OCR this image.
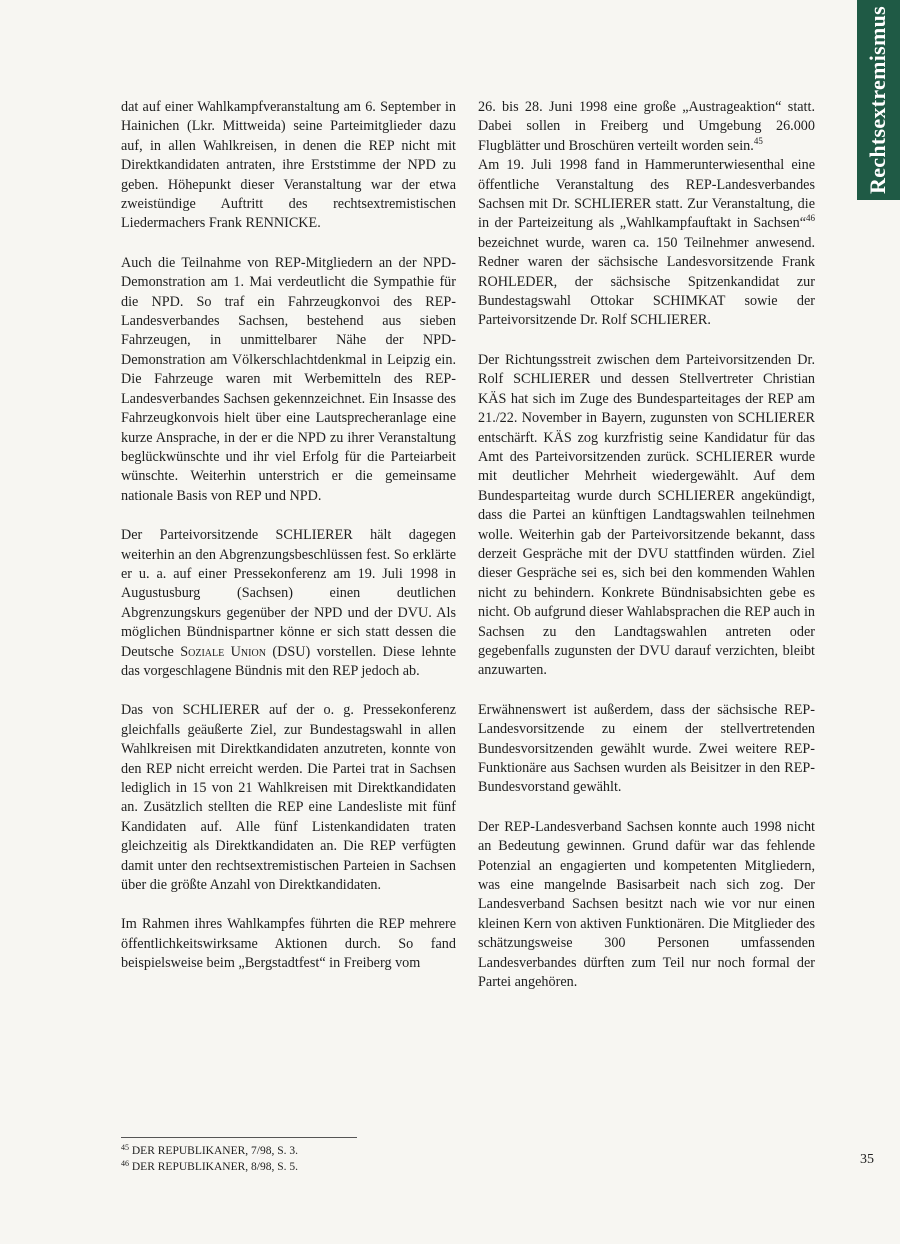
Rechtsextremismus

dat auf einer Wahlkampfveranstaltung am 6. September in Hainichen (Lkr. Mittweida) seine Parteimitglieder dazu auf, in allen Wahlkreisen, in denen die REP nicht mit Direktkandidaten antraten, ihre Erststimme der NPD zu geben. Höhepunkt dieser Veranstaltung war der etwa zweistündige Auftritt des rechtsextremistischen Liedermachers Frank RENNICKE.

Auch die Teilnahme von REP-Mitgliedern an der NPD-Demonstration am 1. Mai verdeutlicht die Sympathie für die NPD. So traf ein Fahrzeugkonvoi des REP-Landesverbandes Sachsen, bestehend aus sieben Fahrzeugen, in unmittelbarer Nähe der NPD-Demonstration am Völkerschlachtdenkmal in Leipzig ein. Die Fahrzeuge waren mit Werbemitteln des REP-Landesverbandes Sachsen gekennzeichnet. Ein Insasse des Fahrzeugkonvois hielt über eine Lautsprecheranlage eine kurze Ansprache, in der er die NPD zu ihrer Veranstaltung beglückwünschte und ihr viel Erfolg für die Parteiarbeit wünschte. Weiterhin unterstrich er die gemeinsame nationale Basis von REP und NPD.

Der Parteivorsitzende SCHLIERER hält dagegen weiterhin an den Abgrenzungsbeschlüssen fest. So erklärte er u. a. auf einer Pressekonferenz am 19. Juli 1998 in Augustusburg (Sachsen) einen deutlichen Abgrenzungskurs gegenüber der NPD und der DVU. Als möglichen Bündnispartner könne er sich statt dessen die Deutsche Soziale Union (DSU) vorstellen. Diese lehnte das vorgeschlagene Bündnis mit den REP jedoch ab.

Das von SCHLIERER auf der o. g. Pressekonferenz gleichfalls geäußerte Ziel, zur Bundestagswahl in allen Wahlkreisen mit Direktkandidaten anzutreten, konnte von den REP nicht erreicht werden. Die Partei trat in Sachsen lediglich in 15 von 21 Wahlkreisen mit Direktkandidaten an. Zusätzlich stellten die REP eine Landesliste mit fünf Kandidaten auf. Alle fünf Listenkandidaten traten gleichzeitig als Direktkandidaten an. Die REP verfügten damit unter den rechtsextremistischen Parteien in Sachsen über die größte Anzahl von Direktkandidaten.

Im Rahmen ihres Wahlkampfes führten die REP mehrere öffentlichkeitswirksame Aktionen durch. So fand beispielsweise beim „Bergstadtfest“ in Freiberg vom

26. bis 28. Juni 1998 eine große „Austrageaktion“ statt. Dabei sollen in Freiberg und Umgebung 26.000 Flugblätter und Broschüren verteilt worden sein.$^{45}$

Am 19. Juli 1998 fand in Hammerunterwiesenthal eine öffentliche Veranstaltung des REP-Landesverbandes Sachsen mit Dr. SCHLIERER statt. Zur Veranstaltung, die in der Parteizeitung als „Wahlkampfauftakt in Sachsen“$^{46}$ bezeichnet wurde, waren ca. 150 Teilnehmer anwesend. Redner waren der sächsische Landesvorsitzende Frank ROHLEDER, der sächsische Spitzenkandidat zur Bundestagswahl Ottokar SCHIMKAT sowie der Parteivorsitzende Dr. Rolf SCHLIERER.

Der Richtungsstreit zwischen dem Parteivorsitzenden Dr. Rolf SCHLIERER und dessen Stellvertreter Christian KÄS hat sich im Zuge des Bundesparteitages der REP am 21./22. November in Bayern, zugunsten von SCHLIERER entschärft. KÄS zog kurzfristig seine Kandidatur für das Amt des Parteivorsitzenden zurück. SCHLIERER wurde mit deutlicher Mehrheit wiedergewählt. Auf dem Bundesparteitag wurde durch SCHLIERER angekündigt, dass die Partei an künftigen Landtagswahlen teilnehmen wolle. Weiterhin gab der Parteivorsitzende bekannt, dass derzeit Gespräche mit der DVU stattfinden würden. Ziel dieser Gespräche sei es, sich bei den kommenden Wahlen nicht zu behindern. Konkrete Bündnisabsichten gebe es nicht. Ob aufgrund dieser Wahlabsprachen die REP auch in Sachsen zu den Landtagswahlen antreten oder gegebenfalls zugunsten der DVU darauf verzichten, bleibt anzuwarten.

Erwähnenswert ist außerdem, dass der sächsische REP-Landesvorsitzende zu einem der stellvertretenden Bundesvorsitzenden gewählt wurde. Zwei weitere REP-Funktionäre aus Sachsen wurden als Beisitzer in den REP-Bundesvorstand gewählt.

Der REP-Landesverband Sachsen konnte auch 1998 nicht an Bedeutung gewinnen. Grund dafür war das fehlende Potenzial an engagierten und kompetenten Mitgliedern, was eine mangelnde Basisarbeit nach sich zog. Der Landesverband Sachsen besitzt nach wie vor nur einen kleinen Kern von aktiven Funktionären. Die Mitglieder des schätzungsweise 300 Personen umfassenden Landesverbandes dürften zum Teil nur noch formal der Partei angehören.

$^{45}$ DER REPUBLIKANER, 7/98, S. 3.
$^{46}$ DER REPUBLIKANER, 8/98, S. 5.	35
